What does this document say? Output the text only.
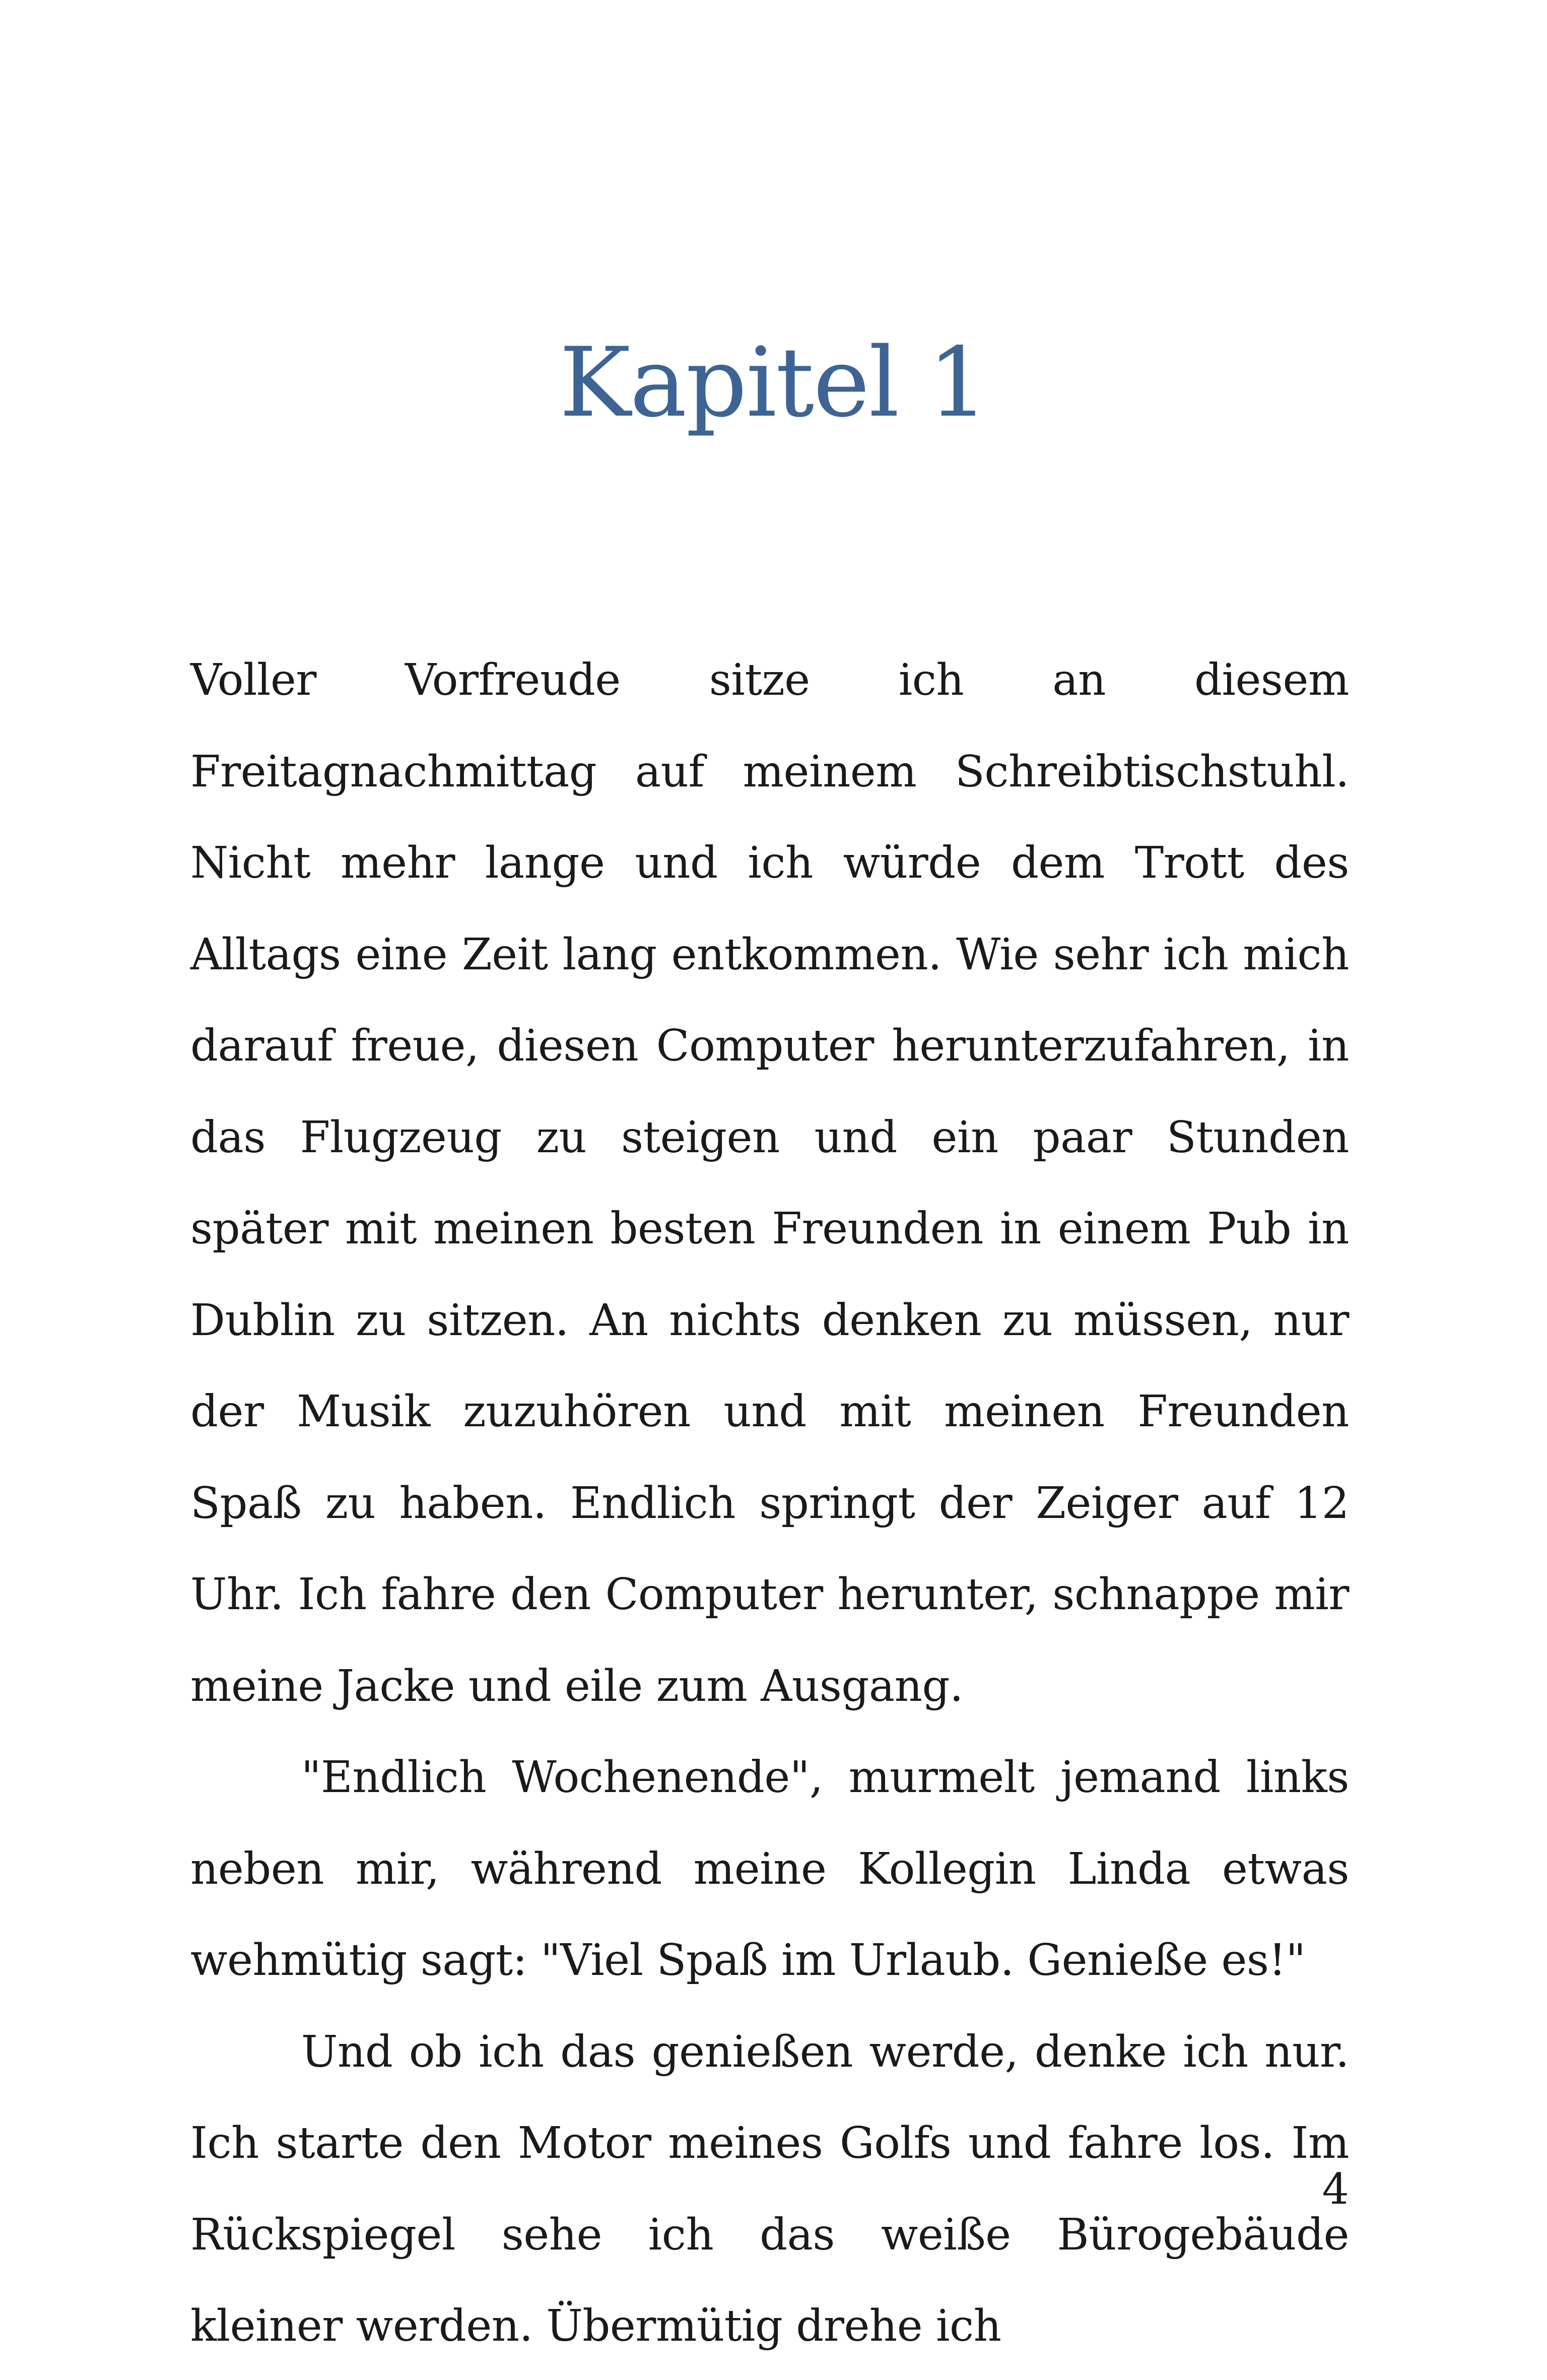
Kapitel 1

Voller Vorfreude sitze ich an diesem Freitagnachmittag auf meinem Schreibtischstuhl. Nicht mehr lange und ich würde dem Trott des Alltags eine Zeit lang entkommen. Wie sehr ich mich darauf freue, diesen Computer herunterzufahren, in das Flugzeug zu steigen und ein paar Stunden später mit meinen besten Freunden in einem Pub in Dublin zu sitzen. An nichts denken zu müssen, nur der Musik zuzuhören und mit meinen Freunden Spaß zu haben. Endlich springt der Zeiger auf 12 Uhr. Ich fahre den Computer herunter, schnappe mir meine Jacke und eile zum Ausgang.

"Endlich Wochenende", murmelt jemand links neben mir, während meine Kollegin Linda etwas wehmütig sagt: "Viel Spaß im Urlaub. Genieße es!"

Und ob ich das genießen werde, denke ich nur. Ich starte den Motor meines Golfs und fahre los. Im Rückspiegel sehe ich das weiße Bürogebäude kleiner werden. Übermütig drehe ich

4
